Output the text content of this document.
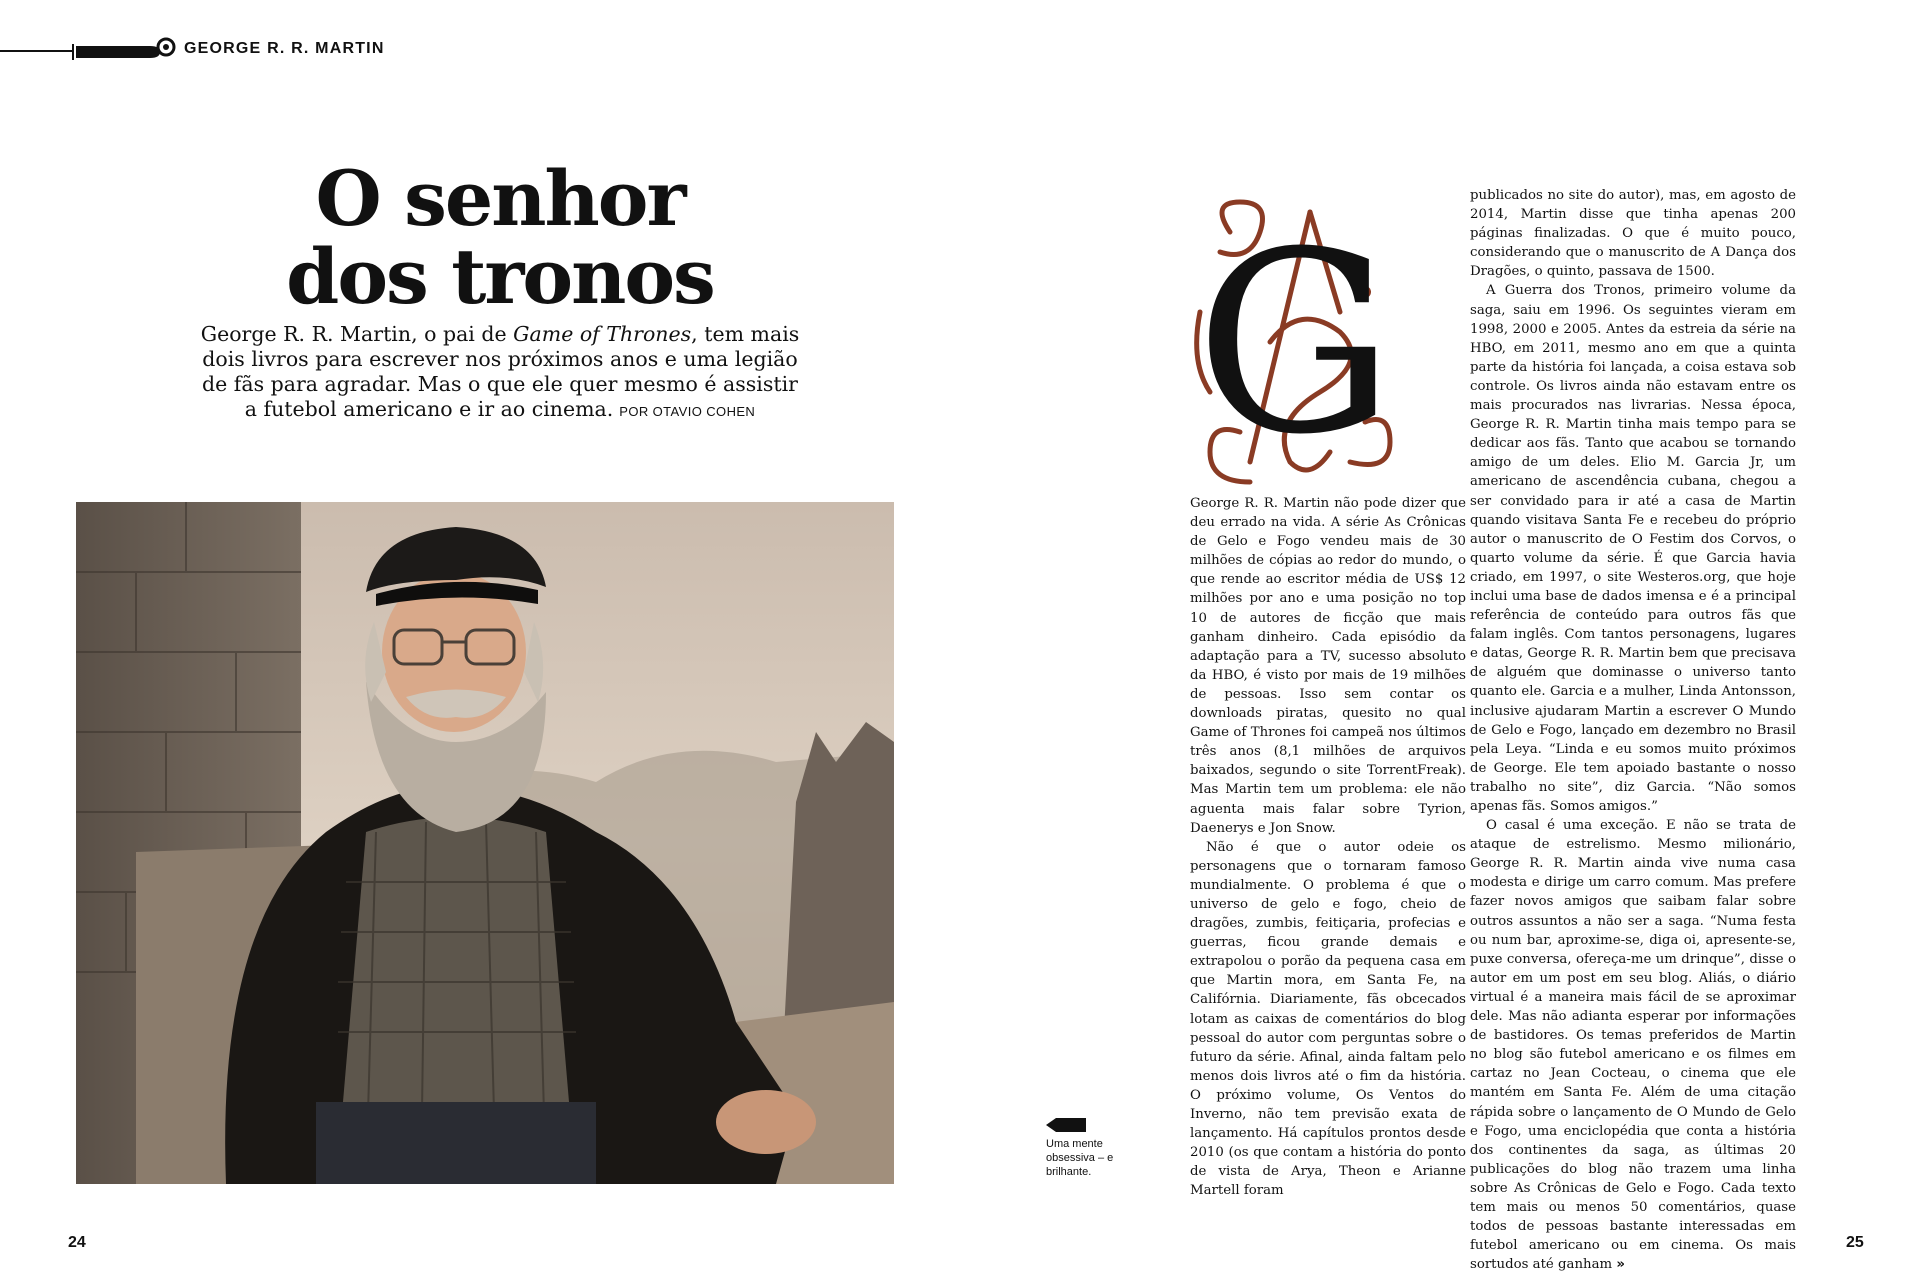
GEORGE R. R. MARTIN
O senhor
dos tronos
George R. R. Martin, o pai de Game of Thrones, tem mais dois livros para escrever nos próximos anos e uma legião de fãs para agradar. Mas o que ele quer mesmo é assistir a futebol americano e ir ao cinema. POR OTAVIO COHEN
Uma mente obsessiva – e brilhante.
G

George R. R. Martin não pode dizer que deu errado na vida. A série As Crônicas de Gelo e Fogo vendeu mais de 30 milhões de cópias ao redor do mundo, o que rende ao escritor média de US$ 12 milhões por ano e uma posição no top 10 de autores de ficção que mais ganham dinheiro. Cada episódio da adaptação para a TV, sucesso absoluto da HBO, é visto por mais de 19 milhões de pessoas. Isso sem contar os downloads piratas, quesito no qual Game of Thrones foi campeã nos últimos três anos (8,1 milhões de arquivos baixados, segundo o site TorrentFreak). Mas Martin tem um problema: ele não aguenta mais falar sobre Tyrion, Daenerys e Jon Snow.

Não é que o autor odeie os personagens que o tornaram famoso mundialmente. O problema é que o universo de gelo e fogo, cheio de dragões, zumbis, feitiçaria, profecias e guerras, ficou grande demais e extrapolou o porão da pequena casa em que Martin mora, em Santa Fe, na Califórnia. Diariamente, fãs obcecados lotam as caixas de comentários do blog pessoal do autor com perguntas sobre o futuro da série. Afinal, ainda faltam pelo menos dois livros até o fim da história. O próximo volume, Os Ventos do Inverno, não tem previsão exata de lançamento. Há capítulos prontos desde 2010 (os que contam a história do ponto de vista de Arya, Theon e Arianne Martell foram

publicados no site do autor), mas, em agosto de 2014, Martin disse que tinha apenas 200 páginas finalizadas. O que é muito pouco, considerando que o manuscrito de A Dança dos Dragões, o quinto, passava de 1500.

A Guerra dos Tronos, primeiro volume da saga, saiu em 1996. Os seguintes vieram em 1998, 2000 e 2005. Antes da estreia da série na HBO, em 2011, mesmo ano em que a quinta parte da história foi lançada, a coisa estava sob controle. Os livros ainda não estavam entre os mais procurados nas livrarias. Nessa época, George R. R. Martin tinha mais tempo para se dedicar aos fãs. Tanto que acabou se tornando amigo de um deles. Elio M. Garcia Jr, um americano de ascendência cubana, chegou a ser convidado para ir até a casa de Martin quando visitava Santa Fe e recebeu do próprio autor o manuscrito de O Festim dos Corvos, o quarto volume da série. É que Garcia havia criado, em 1997, o site Westeros.org, que hoje inclui uma base de dados imensa e é a principal referência de conteúdo para outros fãs que falam inglês. Com tantos personagens, lugares e datas, George R. R. Martin bem que precisava de alguém que dominasse o universo tanto quanto ele. Garcia e a mulher, Linda Antonsson, inclusive ajudaram Martin a escrever O Mundo de Gelo e Fogo, lançado em dezembro no Brasil pela Leya. “Linda e eu somos muito próximos de George. Ele tem apoiado bastante o nosso trabalho no site”, diz Garcia. “Não somos apenas fãs. Somos amigos.”

O casal é uma exceção. E não se trata de ataque de estrelismo. Mesmo milionário, George R. R. Martin ainda vive numa casa modesta e dirige um carro comum. Mas prefere fazer novos amigos que saibam falar sobre outros assuntos a não ser a saga. “Numa festa ou num bar, aproxime-se, diga oi, apresente-se, puxe conversa, ofereça-me um drinque”, disse o autor em um post em seu blog. Aliás, o diário virtual é a maneira mais fácil de se aproximar dele. Mas não adianta esperar por informações de bastidores. Os temas preferidos de Martin no blog são futebol americano e os filmes em cartaz no Jean Cocteau, o cinema que ele mantém em Santa Fe. Além de uma citação rápida sobre o lançamento de O Mundo de Gelo e Fogo, uma enciclopédia que conta a história dos continentes da saga, as últimas 20 publicações do blog não trazem uma linha sobre As Crônicas de Gelo e Fogo. Cada texto tem mais ou menos 50 comentários, quase todos de pessoas bastante interessadas em futebol americano ou em cinema. Os mais sortudos até ganham »

24	25
